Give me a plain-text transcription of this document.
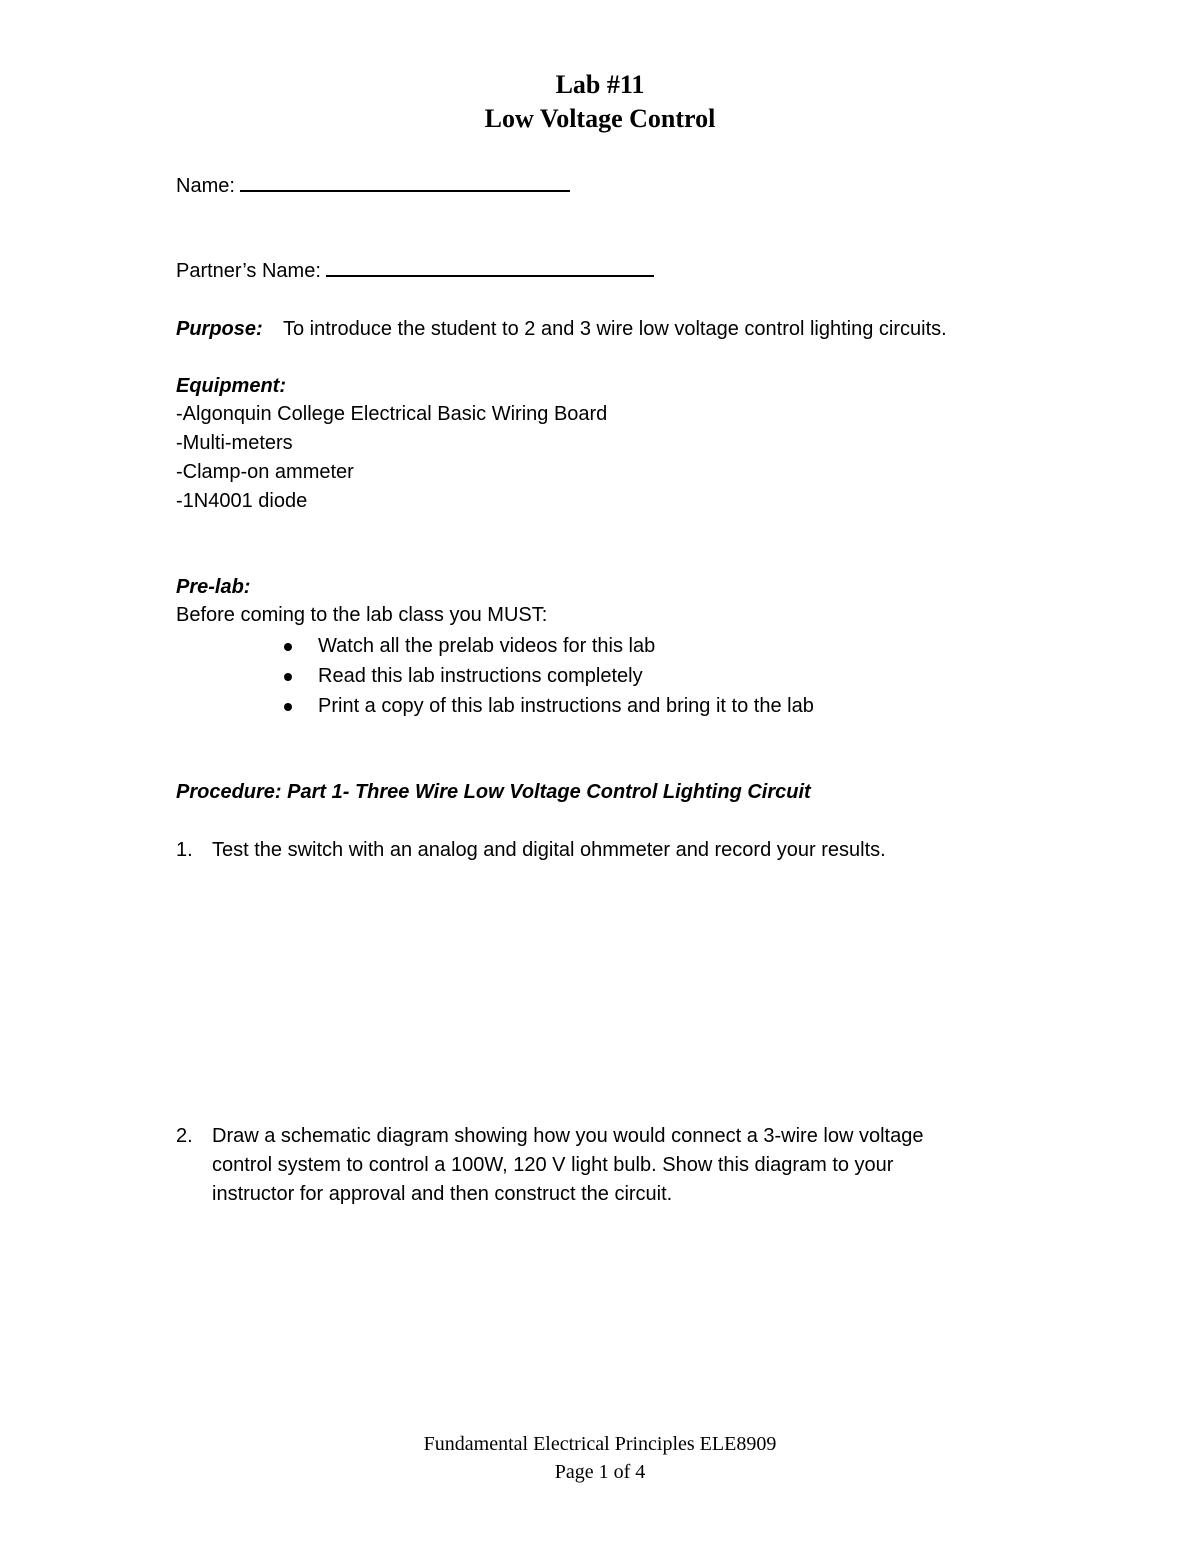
Lab #11
Low Voltage Control
Name:
Partner’s Name:
Purpose: To introduce the student to 2 and 3 wire low voltage control lighting circuits.
Equipment:
-Algonquin College Electrical Basic Wiring Board
-Multi-meters
-Clamp-on ammeter
-1N4001 diode
Pre-lab:
Before coming to the lab class you MUST:
Watch all the prelab videos for this lab
Read this lab instructions completely
Print a copy of this lab instructions and bring it to the lab
Procedure: Part 1- Three Wire Low Voltage Control Lighting Circuit
1. Test the switch with an analog and digital ohmmeter and record your results.
2. Draw a schematic diagram showing how you would connect a 3-wire low voltage
control system to control a 100W, 120 V light bulb. Show this diagram to your
instructor for approval and then construct the circuit.
Fundamental Electrical Principles ELE8909
Page 1 of 4
